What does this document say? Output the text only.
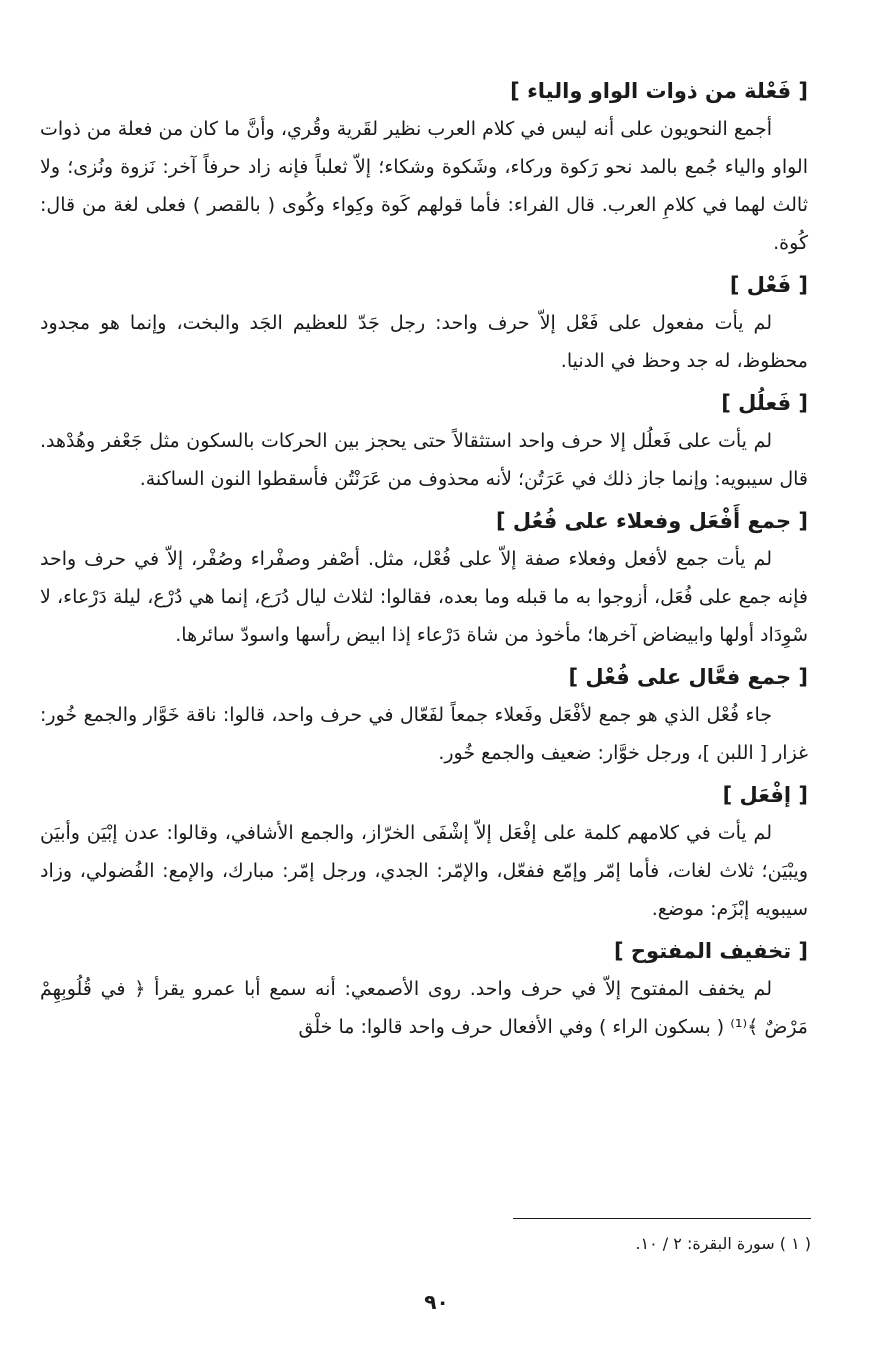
[ فَعْلة من ذوات الواو والياء ]

أجمع النحويون على أنه ليس في كلام العرب نظير لقَرية وقُري، وأنَّ ما كان من فعلة من ذوات الواو والياء جُمع بالمد نحو رَكوة وركاء، وشَكوة وشكاء؛ إلاّ ثعلباً فإنه زاد حرفاً آخر: نَزوة ونُزى؛ ولا ثالث لهما في كلامِ العرب. قال الفراء: فأما قولهم كَوة وكِواء وكُوى ( بالقصر ) فعلى لغة من قال: كُوة.

[ فَعْل ]

لم يأت مفعول على فَعْل إلاّ حرف واحد: رجل جَدّ للعظيم الجَد والبخت، وإنما هو مجدود محظوظ، له جد وحظ في الدنيا.

[ فَعلُل ]

لم يأت على فَعلُل إلا حرف واحد استثقالاً حتى يحجز بين الحركات بالسكون مثل جَعْفر وهُدْهد. قال سيبويه: وإنما جاز ذلك في عَرَتُن؛ لأنه محذوف من عَرَنْتُن فأسقطوا النون الساكنة.

[ جمع أَفْعَل وفعلاء على فُعُل ]

لم يأت جمع لأفعل وفعلاء صفة إلاّ على فُعْل، مثل. أصْفر وصفْراء وصُفْر، إلاّ في حرف واحد فإنه جمع على فُعَل، أزوجوا به ما قبله وما بعده، فقالوا: لثلاث ليال دُرَع، إنما هي دُرْع، ليلة دَرْعاء، لا سْوِدَاد أولها وابيضاض آخرها؛ مأخوذ من شاة دَرْعاء إذا ابيض رأسها واسودّ سائرها.

[ جمع فعَّال على فُعْل ]

جاء فُعْل الذي هو جمع لأفْعَل وفَعلاء جمعاً لفَعّال في حرف واحد، قالوا: ناقة خَوَّار والجمع خُور: غزار [ اللبن ]، ورجل خوَّار: ضعيف والجمع خُور.

[ إفْعَل ]

لم يأت في كلامهم كلمة على إفْعَل إلاّ إشْفَى الخرّاز، والجمع الأشافي، وقالوا: عدن إبْيَن وأبيَن ويبْيَن؛ ثلاث لغات، فأما إمّر وإمّع ففعّل، والإمّر: الجدي، ورجل إمّر: مبارك، والإمع: الفُضولي، وزاد سيبويه إبْزَم: موضع.

[ تخفيف المفتوح ]

لم يخفف المفتوح إلاّ في حرف واحد. روى الأصمعي: أنه سمع أبا عمرو يقرأ ﴿ في قُلُوبِهِمْ مَرْضٌ ﴾⁽¹⁾ ( بسكون الراء ) وفي الأفعال حرف واحد قالوا: ما خلْق

( ١ ) سورة البقرة: ٢ / ١٠.
٩٠
